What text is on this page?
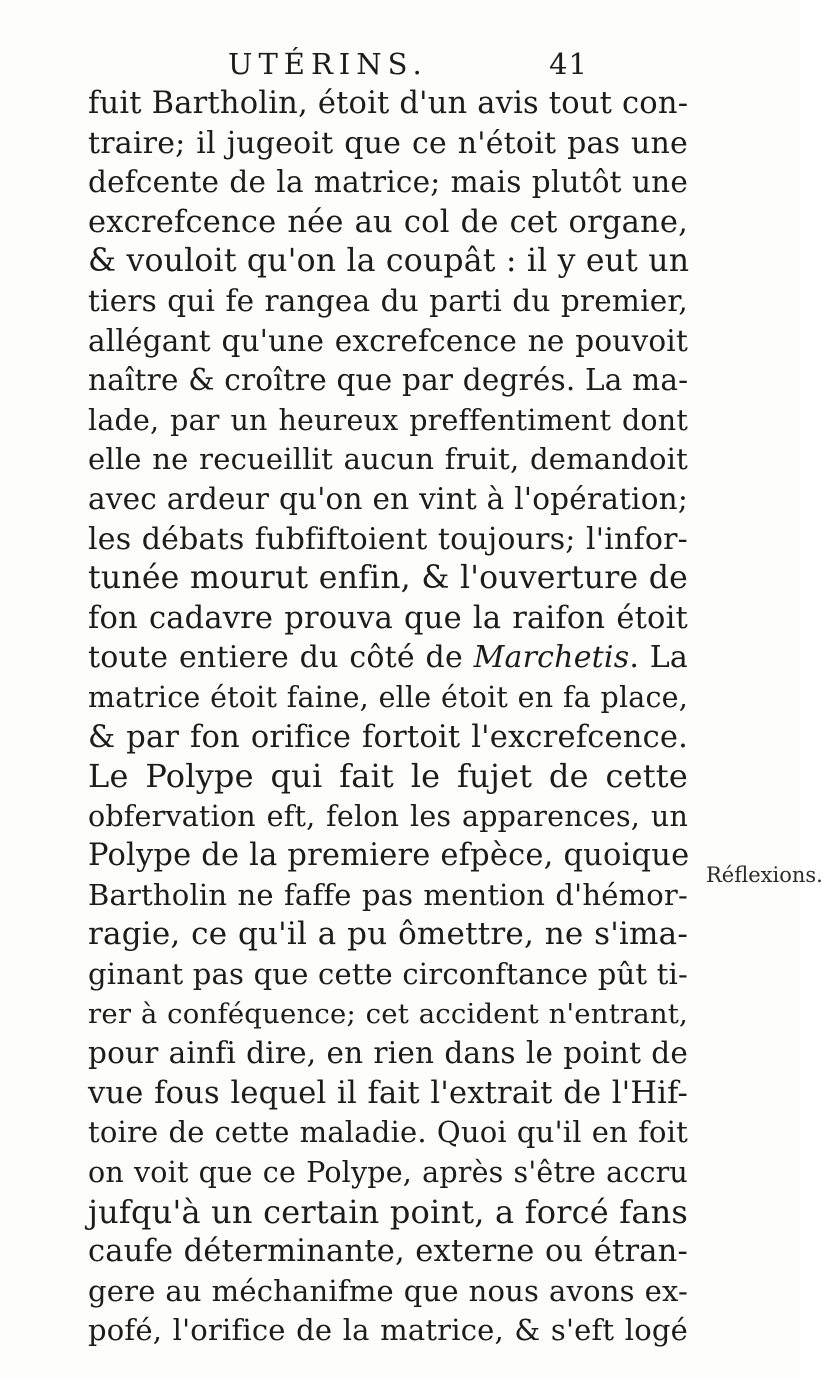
UTÉRINS.	41
fuit Bartholin, étoit d'un avis tout con-
traire; il jugeoit que ce n'étoit pas une
defcente de la matrice; mais plutôt une
excrefcence née au col de cet organe,
& vouloit qu'on la coupât : il y eut un
tiers qui fe rangea du parti du premier,
allégant qu'une excrefcence ne pouvoit
naître & croître que par degrés. La ma-
lade, par un heureux preffentiment dont
elle ne recueillit aucun fruit, demandoit
avec ardeur qu'on en vint à l'opération;
les débats fubfiftoient toujours; l'infor-
tunée mourut enfin, & l'ouverture de
fon cadavre prouva que la raifon étoit
toute entiere du côté de Marchetis. La
matrice étoit faine, elle étoit en fa place,
& par fon orifice fortoit l'excrefcence.
Le Polype qui fait le fujet de cette
obfervation eft, felon les apparences, un
Polype de la premiere efpèce, quoique
Bartholin ne faffe pas mention d'hémor-
ragie, ce qu'il a pu ômettre, ne s'ima-
ginant pas que cette circonftance pût ti-
rer à conféquence; cet accident n'entrant,
pour ainfi dire, en rien dans le point de
vue fous lequel il fait l'extrait de l'Hif-
toire de cette maladie. Quoi qu'il en foit
on voit que ce Polype, après s'être accru
jufqu'à un certain point, a forcé fans
caufe déterminante, externe ou étran-
gere au méchanifme que nous avons ex-
pofé, l'orifice de la matrice, & s'eft logé
Réflexions.
